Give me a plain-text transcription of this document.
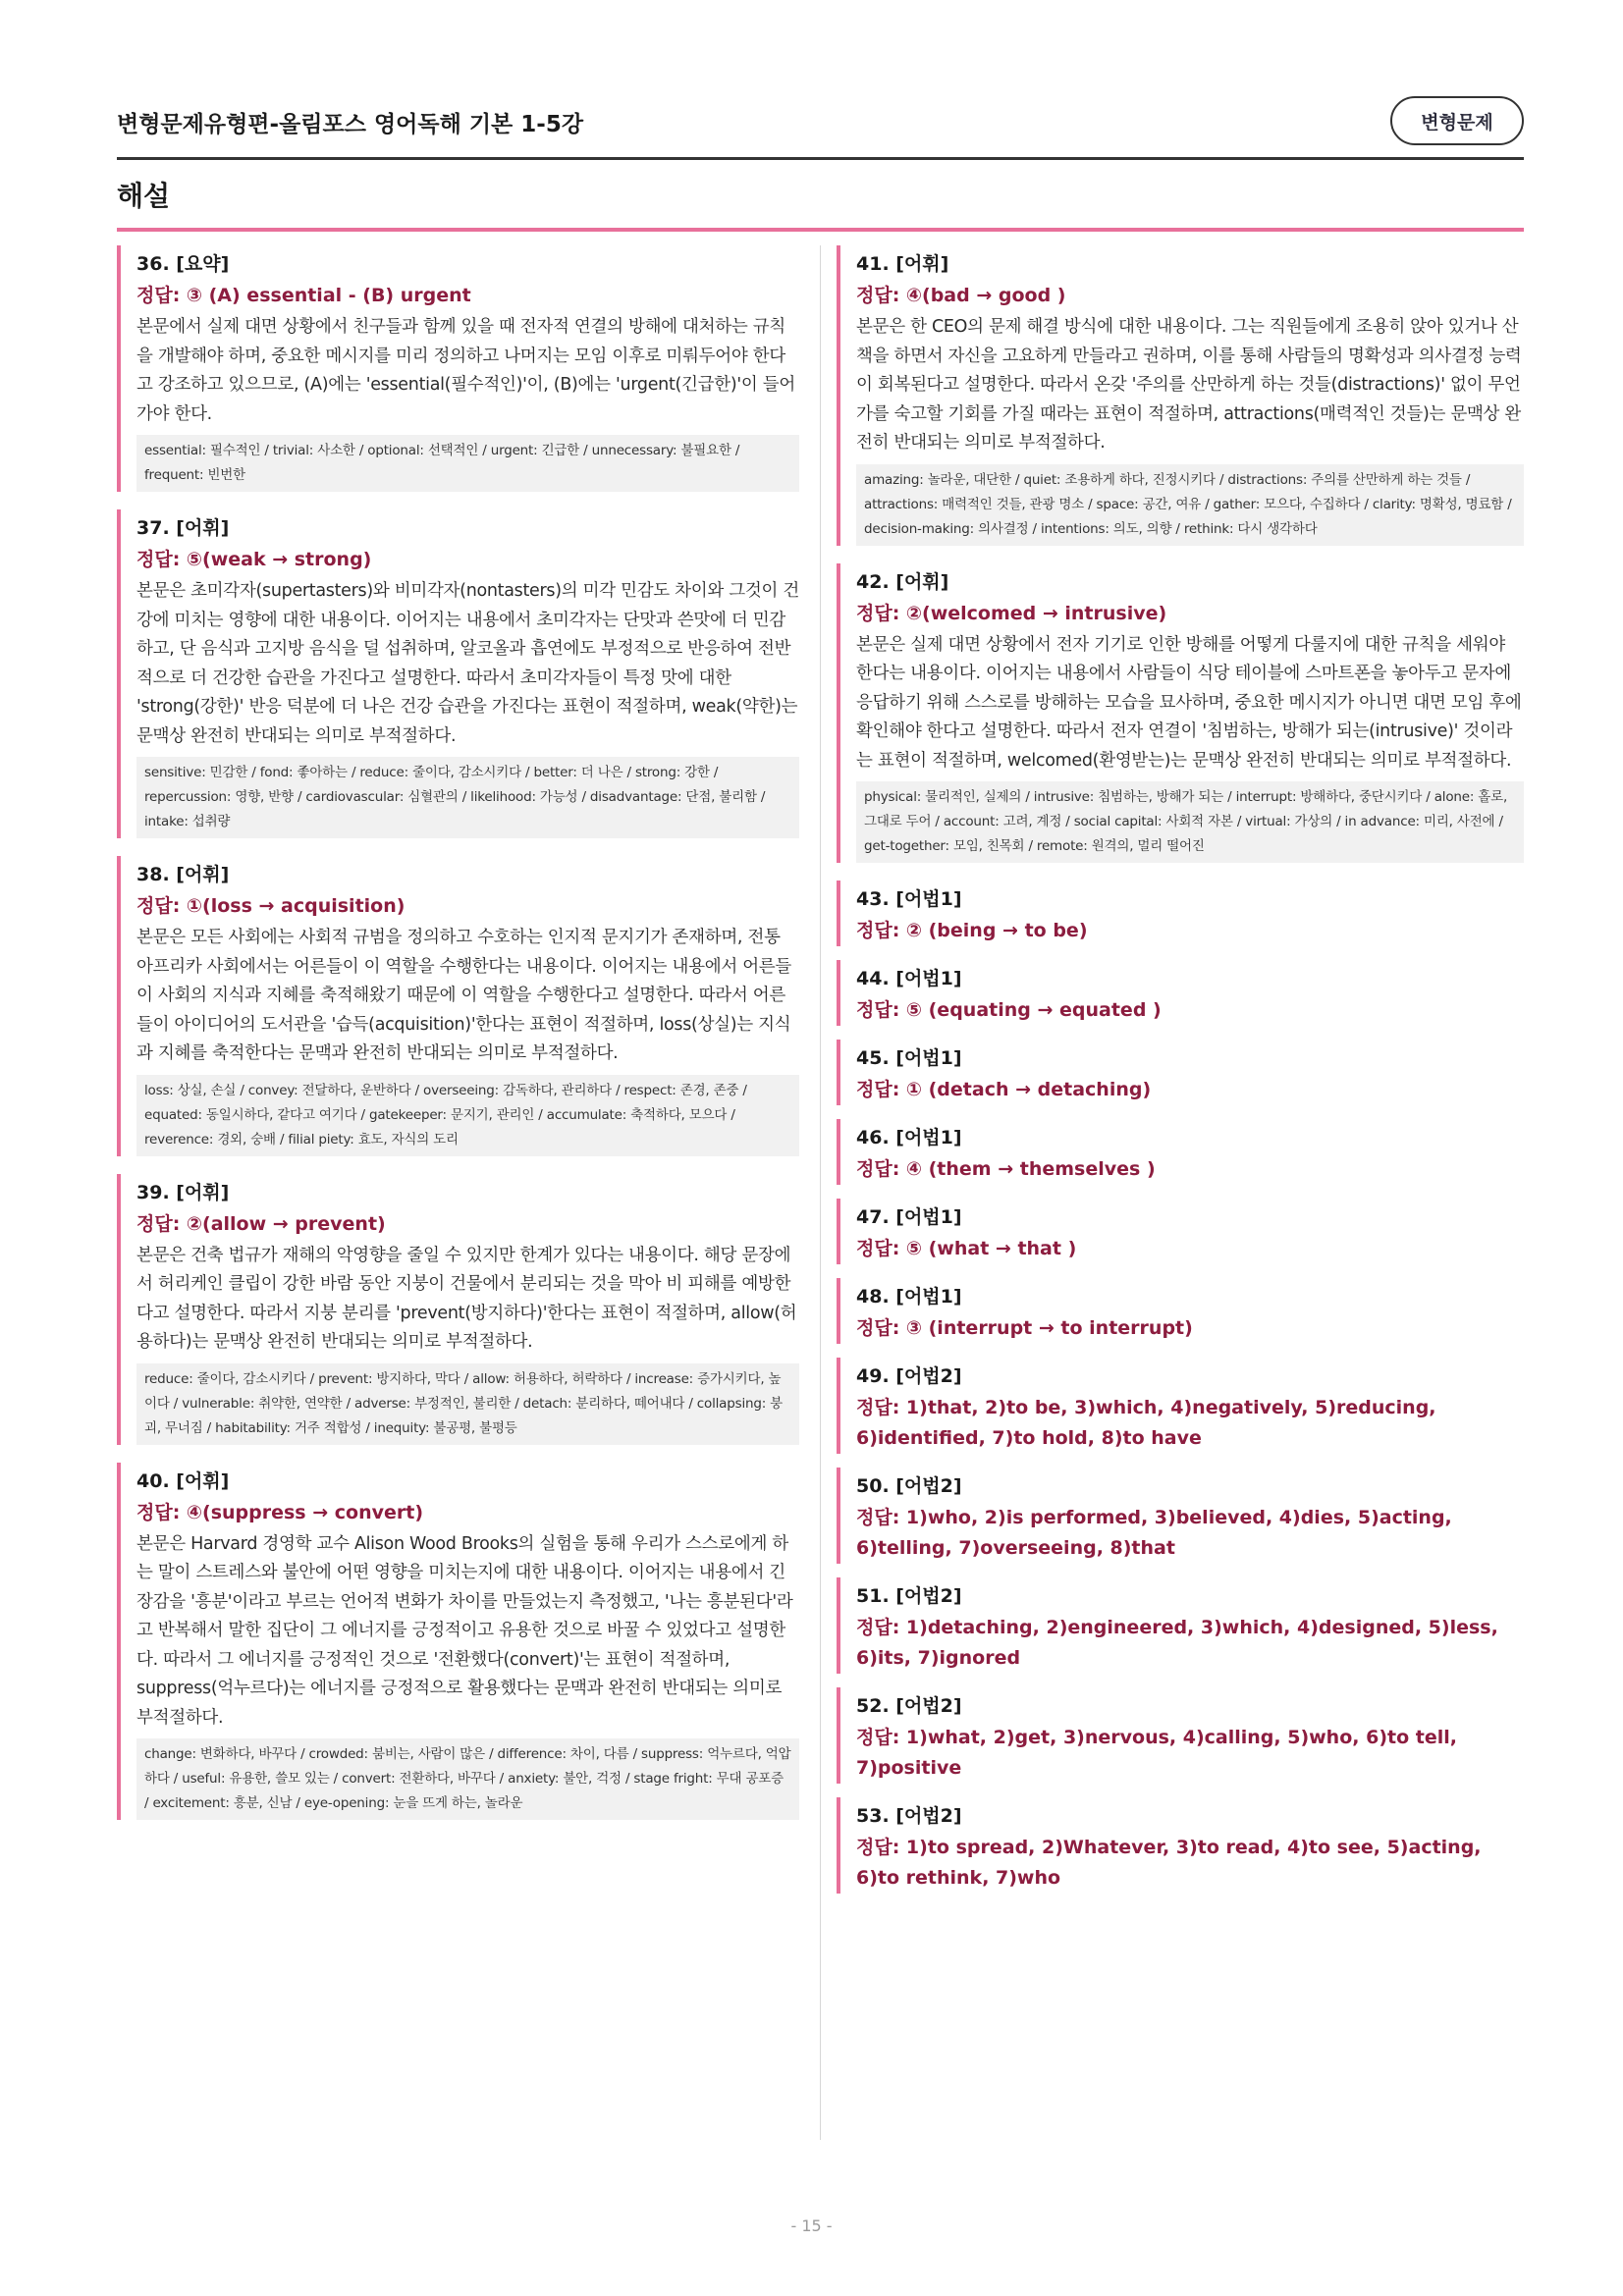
변형문제유형편-올림포스 영어독해 기본 1-5강	변형문제
해설
36. [요약]
정답: ③ (A) essential - (B) urgent
본문에서 실제 대면 상황에서 친구들과 함께 있을 때 전자적 연결의 방해에 대처하는 규칙을 개발해야 하며, 중요한 메시지를 미리 정의하고 나머지는 모임 이후로 미뤄두어야 한다고 강조하고 있으므로, (A)에는 'essential(필수적인)'이, (B)에는 'urgent(긴급한)'이 들어가야 한다.
essential: 필수적인 / trivial: 사소한 / optional: 선택적인 / urgent: 긴급한 / unnecessary: 불필요한 / frequent: 빈번한
37. [어휘]
정답: ⑤(weak → strong)
본문은 초미각자(supertasters)와 비미각자(nontasters)의 미각 민감도 차이와 그것이 건강에 미치는 영향에 대한 내용이다. 이어지는 내용에서 초미각자는 단맛과 쓴맛에 더 민감하고, 단 음식과 고지방 음식을 덜 섭취하며, 알코올과 흡연에도 부정적으로 반응하여 전반적으로 더 건강한 습관을 가진다고 설명한다. 따라서 초미각자들이 특정 맛에 대한 'strong(강한)' 반응 덕분에 더 나은 건강 습관을 가진다는 표현이 적절하며, weak(약한)는 문맥상 완전히 반대되는 의미로 부적절하다.
sensitive: 민감한 / fond: 좋아하는 / reduce: 줄이다, 감소시키다 / better: 더 나은 / strong: 강한 / repercussion: 영향, 반향 / cardiovascular: 심혈관의 / likelihood: 가능성 / disadvantage: 단점, 불리함 / intake: 섭취량
38. [어휘]
정답: ①(loss → acquisition)
본문은 모든 사회에는 사회적 규범을 정의하고 수호하는 인지적 문지기가 존재하며, 전통 아프리카 사회에서는 어른들이 이 역할을 수행한다는 내용이다. 이어지는 내용에서 어른들이 사회의 지식과 지혜를 축적해왔기 때문에 이 역할을 수행한다고 설명한다. 따라서 어른들이 아이디어의 도서관을 '습득(acquisition)'한다는 표현이 적절하며, loss(상실)는 지식과 지혜를 축적한다는 문맥과 완전히 반대되는 의미로 부적절하다.
loss: 상실, 손실 / convey: 전달하다, 운반하다 / overseeing: 감독하다, 관리하다 / respect: 존경, 존중 / equated: 동일시하다, 같다고 여기다 / gatekeeper: 문지기, 관리인 / accumulate: 축적하다, 모으다 / reverence: 경외, 숭배 / filial piety: 효도, 자식의 도리
39. [어휘]
정답: ②(allow → prevent)
본문은 건축 법규가 재해의 악영향을 줄일 수 있지만 한계가 있다는 내용이다. 해당 문장에서 허리케인 클립이 강한 바람 동안 지붕이 건물에서 분리되는 것을 막아 비 피해를 예방한다고 설명한다. 따라서 지붕 분리를 'prevent(방지하다)'한다는 표현이 적절하며, allow(허용하다)는 문맥상 완전히 반대되는 의미로 부적절하다.
reduce: 줄이다, 감소시키다 / prevent: 방지하다, 막다 / allow: 허용하다, 허락하다 / increase: 증가시키다, 높이다 / vulnerable: 취약한, 연약한 / adverse: 부정적인, 불리한 / detach: 분리하다, 떼어내다 / collapsing: 붕괴, 무너짐 / habitability: 거주 적합성 / inequity: 불공평, 불평등
40. [어휘]
정답: ④(suppress → convert)
본문은 Harvard 경영학 교수 Alison Wood Brooks의 실험을 통해 우리가 스스로에게 하는 말이 스트레스와 불안에 어떤 영향을 미치는지에 대한 내용이다. 이어지는 내용에서 긴장감을 '흥분'이라고 부르는 언어적 변화가 차이를 만들었는지 측정했고, '나는 흥분된다'라고 반복해서 말한 집단이 그 에너지를 긍정적이고 유용한 것으로 바꿀 수 있었다고 설명한다. 따라서 그 에너지를 긍정적인 것으로 '전환했다(convert)'는 표현이 적절하며, suppress(억누르다)는 에너지를 긍정적으로 활용했다는 문맥과 완전히 반대되는 의미로 부적절하다.
change: 변화하다, 바꾸다 / crowded: 붐비는, 사람이 많은 / difference: 차이, 다름 / suppress: 억누르다, 억압하다 / useful: 유용한, 쓸모 있는 / convert: 전환하다, 바꾸다 / anxiety: 불안, 걱정 / stage fright: 무대 공포증 / excitement: 흥분, 신남 / eye-opening: 눈을 뜨게 하는, 놀라운
41. [어휘]
정답: ④(bad → good )
본문은 한 CEO의 문제 해결 방식에 대한 내용이다. 그는 직원들에게 조용히 앉아 있거나 산책을 하면서 자신을 고요하게 만들라고 권하며, 이를 통해 사람들의 명확성과 의사결정 능력이 회복된다고 설명한다. 따라서 온갖 '주의를 산만하게 하는 것들(distractions)' 없이 무언가를 숙고할 기회를 가질 때라는 표현이 적절하며, attractions(매력적인 것들)는 문맥상 완전히 반대되는 의미로 부적절하다.
amazing: 놀라운, 대단한 / quiet: 조용하게 하다, 진정시키다 / distractions: 주의를 산만하게 하는 것들 / attractions: 매력적인 것들, 관광 명소 / space: 공간, 여유 / gather: 모으다, 수집하다 / clarity: 명확성, 명료함 / decision-making: 의사결정 / intentions: 의도, 의향 / rethink: 다시 생각하다
42. [어휘]
정답: ②(welcomed → intrusive)
본문은 실제 대면 상황에서 전자 기기로 인한 방해를 어떻게 다룰지에 대한 규칙을 세워야 한다는 내용이다. 이어지는 내용에서 사람들이 식당 테이블에 스마트폰을 놓아두고 문자에 응답하기 위해 스스로를 방해하는 모습을 묘사하며, 중요한 메시지가 아니면 대면 모임 후에 확인해야 한다고 설명한다. 따라서 전자 연결이 '침범하는, 방해가 되는(intrusive)' 것이라는 표현이 적절하며, welcomed(환영받는)는 문맥상 완전히 반대되는 의미로 부적절하다.
physical: 물리적인, 실제의 / intrusive: 침범하는, 방해가 되는 / interrupt: 방해하다, 중단시키다 / alone: 홀로, 그대로 두어 / account: 고려, 계정 / social capital: 사회적 자본 / virtual: 가상의 / in advance: 미리, 사전에 / get-together: 모임, 친목회 / remote: 원격의, 멀리 떨어진
43. [어법1]
정답: ② (being → to be)
44. [어법1]
정답: ⑤ (equating → equated )
45. [어법1]
정답: ① (detach → detaching)
46. [어법1]
정답: ④ (them → themselves )
47. [어법1]
정답: ⑤ (what → that )
48. [어법1]
정답: ③ (interrupt → to interrupt)
49. [어법2]
정답: 1)that, 2)to be, 3)which, 4)negatively, 5)reducing, 6)identified, 7)to hold, 8)to have
50. [어법2]
정답: 1)who, 2)is performed, 3)believed, 4)dies, 5)acting, 6)telling, 7)overseeing, 8)that
51. [어법2]
정답: 1)detaching, 2)engineered, 3)which, 4)designed, 5)less, 6)its, 7)ignored
52. [어법2]
정답: 1)what, 2)get, 3)nervous, 4)calling, 5)who, 6)to tell, 7)positive
53. [어법2]
정답: 1)to spread, 2)Whatever, 3)to read, 4)to see, 5)acting, 6)to rethink, 7)who
- 15 -
